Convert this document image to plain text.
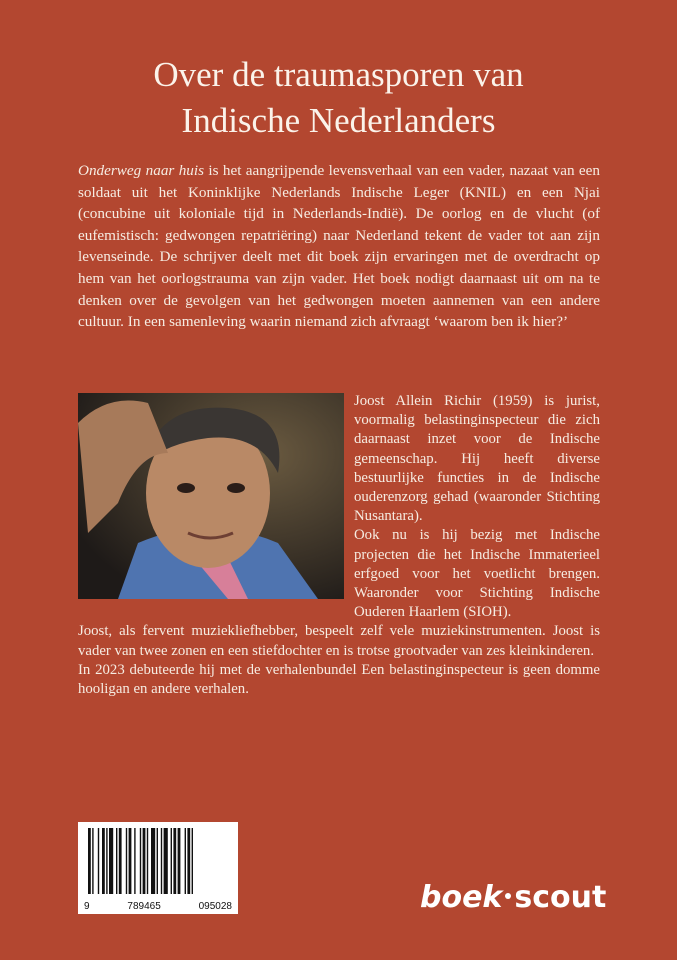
Over de traumasporen van
Indische Nederlanders

Onderweg naar huis is het aangrijpende levensverhaal van een vader, nazaat van een soldaat uit het Koninklijke Nederlands Indische Leger (KNIL) en een Njai (concubine uit koloniale tijd in Nederlands-Indië). De oorlog en de vlucht (of eufemistisch: gedwongen repatriëring) naar Nederland tekent de vader tot aan zijn levenseinde. De schrijver deelt met dit boek zijn ervaringen met de overdracht op hem van het oorlogstrauma van zijn vader. Het boek nodigt daarnaast uit om na te denken over de gevolgen van het gedwongen moeten aannemen van een andere cultuur. In een samenleving waarin niemand zich afvraagt ‘waarom ben ik hier?’

Joost Allein Richir (1959) is jurist, voormalig belastinginspecteur die zich daarnaast inzet voor de Indische gemeenschap. Hij heeft diverse bestuurlijke functies in de Indische ouderenzorg gehad (waaronder Stichting Nusantara).

Ook nu is hij bezig met Indische projecten die het Indische Immaterieel erfgoed voor het voetlicht brengen. Waaronder voor Stichting Indische Ouderen Haarlem (SIOH).

Joost, als fervent muziekliefhebber, bespeelt zelf vele muziekinstrumenten. Joost is vader van twee zonen en een stiefdochter en is trotse grootvader van zes kleinkinderen.

In 2023 debuteerde hij met de verhalenbundel Een belastinginspecteur is geen domme hooligan en andere verhalen.

9	789465	095028	boek scout
